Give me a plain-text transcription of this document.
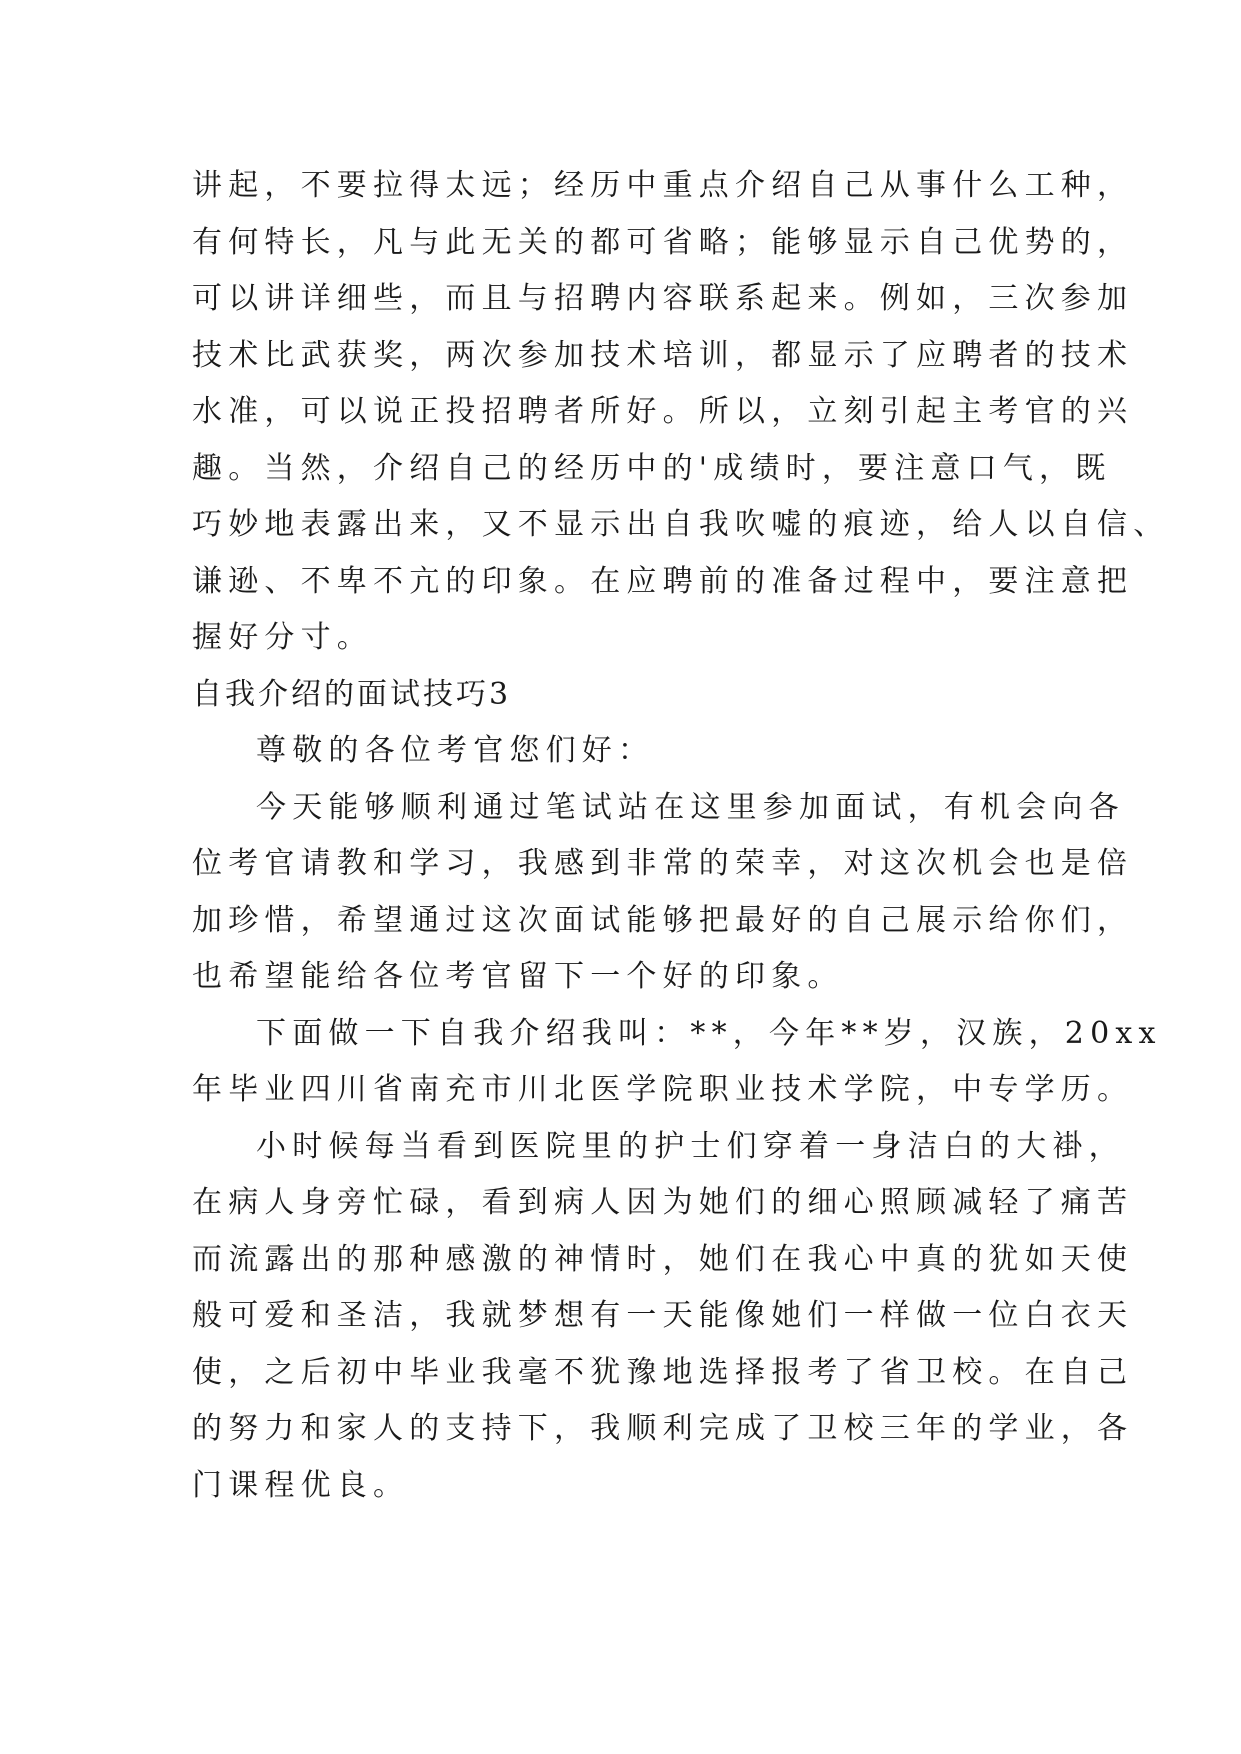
讲起，不要拉得太远；经历中重点介绍自己从事什么工种，
有何特长，凡与此无关的都可省略；能够显示自己优势的，
可以讲详细些，而且与招聘内容联系起来。例如，三次参加
技术比武获奖，两次参加技术培训，都显示了应聘者的技术
水准，可以说正投招聘者所好。所以，立刻引起主考官的兴
趣。当然，介绍自己的经历中的'成绩时，要注意口气，既
巧妙地表露出来，又不显示出自我吹嘘的痕迹，给人以自信、
谦逊、不卑不亢的印象。在应聘前的准备过程中，要注意把
握好分寸。
自我介绍的面试技巧3
尊敬的各位考官您们好：
今天能够顺利通过笔试站在这里参加面试，有机会向各
位考官请教和学习，我感到非常的荣幸，对这次机会也是倍
加珍惜，希望通过这次面试能够把最好的自己展示给你们，
也希望能给各位考官留下一个好的印象。
下面做一下自我介绍我叫：**，今年**岁，汉族，20xx
年毕业四川省南充市川北医学院职业技术学院，中专学历。
小时候每当看到医院里的护士们穿着一身洁白的大褂，
在病人身旁忙碌，看到病人因为她们的细心照顾减轻了痛苦
而流露出的那种感激的神情时，她们在我心中真的犹如天使
般可爱和圣洁，我就梦想有一天能像她们一样做一位白衣天
使，之后初中毕业我毫不犹豫地选择报考了省卫校。在自己
的努力和家人的支持下，我顺利完成了卫校三年的学业，各
门课程优良。
